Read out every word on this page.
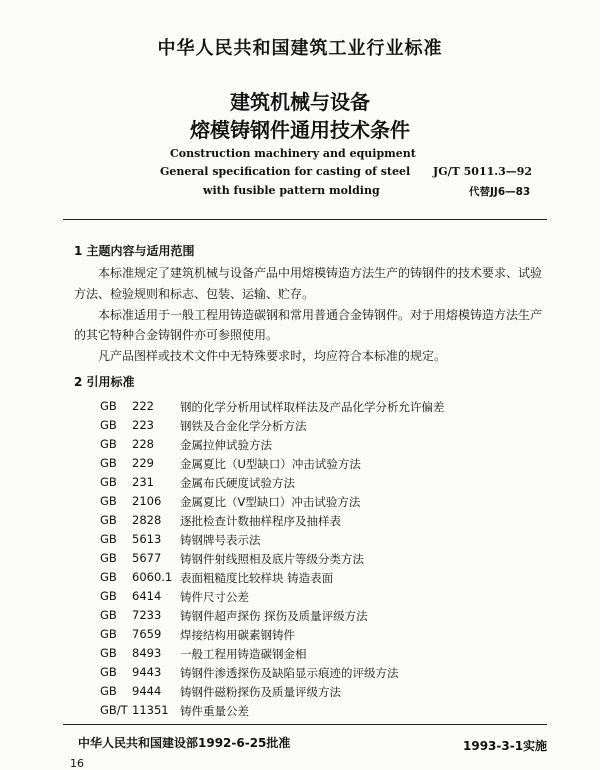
中华人民共和国建筑工业行业标准
建筑机械与设备
熔模铸钢件通用技术条件
Construction machinery and equipment
General specification for casting of steel
with fusible pattern molding
JG/T 5011.3—92
代替JJ6—83
1 主题内容与适用范围
本标准规定了建筑机械与设备产品中用熔模铸造方法生产的铸钢件的技术要求、试验
方法、检验规则和标志、包装、运输、贮存。
本标准适用于一般工程用铸造碳钢和常用普通合金铸钢件。对于用熔模铸造方法生产
的其它特种合金铸钢件亦可参照使用。
凡产品图样或技术文件中无特殊要求时，均应符合本标准的规定。
2 引用标准
GB	222	钢的化学分析用试样取样法及产品化学分析允许偏差
GB	223	钢铁及合金化学分析方法
GB	228	金属拉伸试验方法
GB	229	金属夏比（U型缺口）冲击试验方法
GB	231	金属布氏硬度试验方法
GB	2106	金属夏比（V型缺口）冲击试验方法
GB	2828	逐批检查计数抽样程序及抽样表
GB	5613	铸钢牌号表示法
GB	5677	铸钢件射线照相及底片等级分类方法
GB	6060.1 表面粗糙度比较样块 铸造表面
GB	6414	铸件尺寸公差
GB	7233	铸钢件超声探伤 探伤及质量评级方法
GB	7659	焊接结构用碳素钢铸件
GB	8493	一般工程用铸造碳钢金相
GB	9443	铸钢件渗透探伤及缺陷显示痕迹的评级方法
GB	9444	铸钢件磁粉探伤及质量评级方法
GB/T 11351 铸件重量公差
中华人民共和国建设部1992-6-25批准	1993-3-1实施
16
